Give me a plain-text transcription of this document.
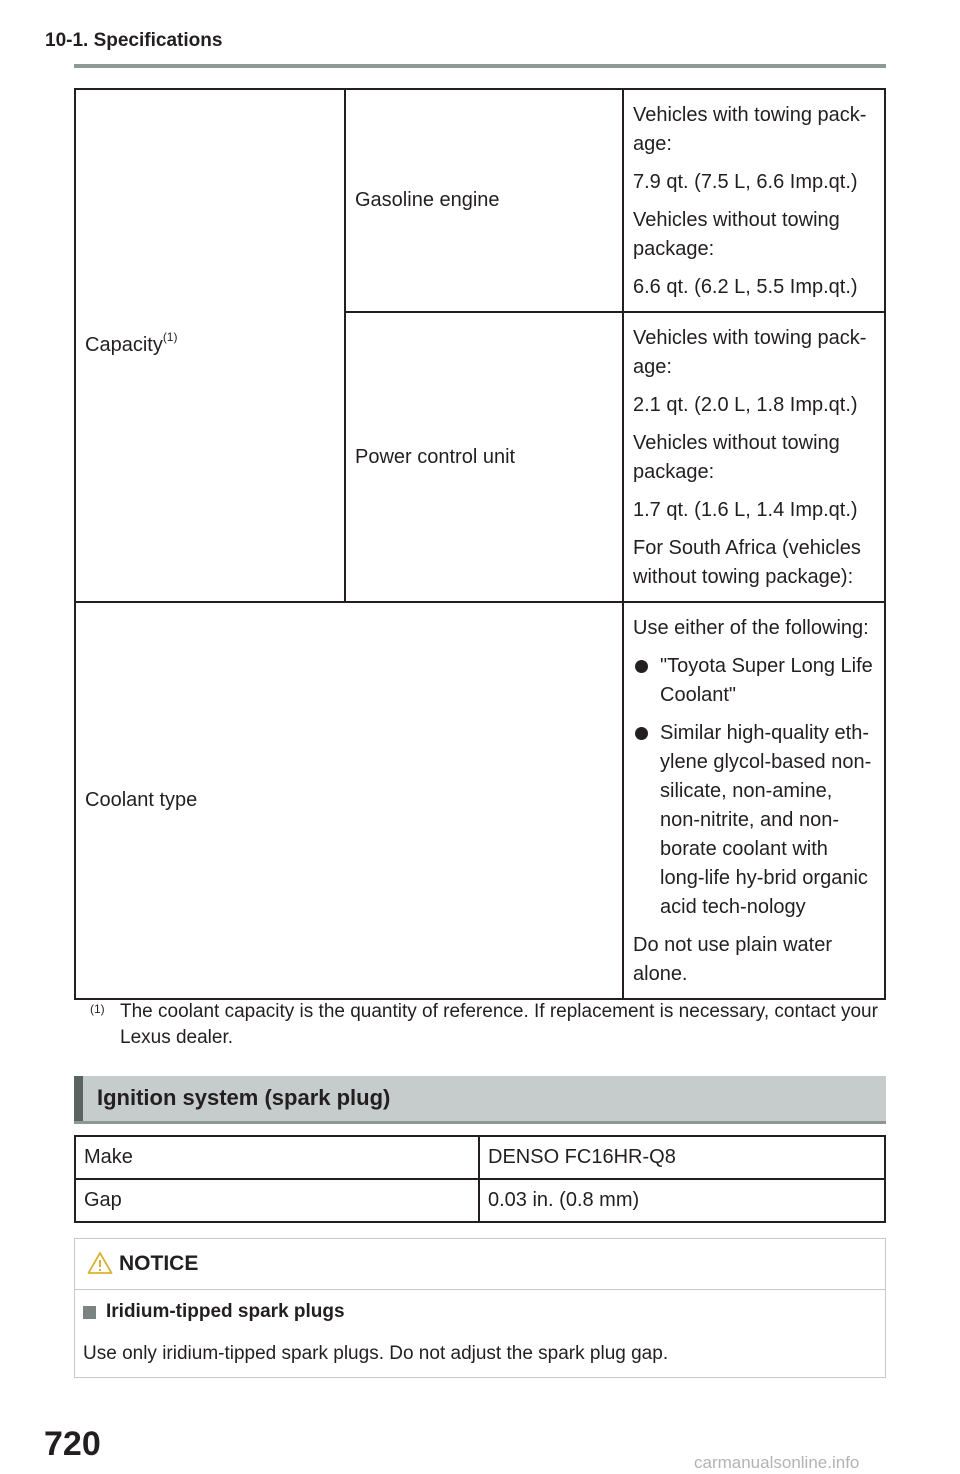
10-1. Specifications
Capacity$^{(1)}$	Gasoline engine	Vehicles with towing pack-age:
7.9 qt. (7.5 L, 6.6 Imp.qt.)
Vehicles without towing package:
6.6 qt. (6.2 L, 5.5 Imp.qt.)

	Power control unit	Vehicles with towing pack-age:
2.1 qt. (2.0 L, 1.8 Imp.qt.)
Vehicles without towing package:
1.7 qt. (1.6 L, 1.4 Imp.qt.)
For South Africa (vehicles without towing package):

Coolant type		Use either of the following:
"Toyota Super Long Life Coolant"
Similar high-quality eth-ylene glycol-based non-silicate, non-amine, non-nitrite, and non-borate coolant with long-life hy-brid organic acid tech-nology
Do not use plain water alone.
(1) The coolant capacity is the quantity of reference. If replacement is necessary, contact your Lexus dealer.
Ignition system (spark plug)
Make	DENSO FC16HR-Q8
Gap	0.03 in. (0.8 mm)
NOTICE
Iridium-tipped spark plugs
Use only iridium-tipped spark plugs. Do not adjust the spark plug gap.
720	carmanualsonline.info
